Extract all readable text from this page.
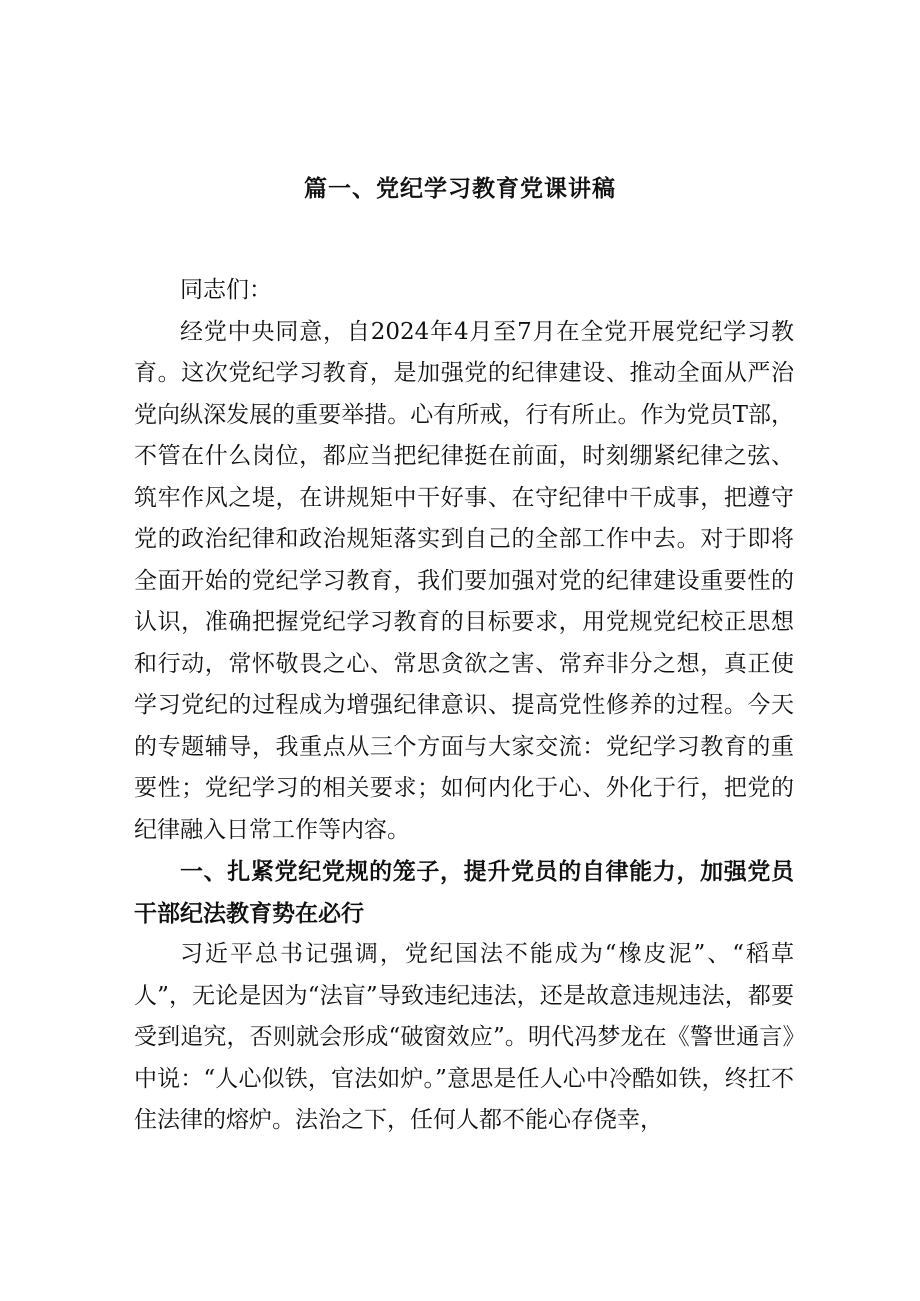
篇一、党纪学习教育党课讲稿

同志们：

经党中央同意，自2024年4月至7月在全党开展党纪学习教育。这次党纪学习教育，是加强党的纪律建设、推动全面从严治党向纵深发展的重要举措。心有所戒，行有所止。作为党员T部，不管在什么岗位，都应当把纪律挺在前面，时刻绷紧纪律之弦、筑牢作风之堤，在讲规矩中干好事、在守纪律中干成事，把遵守党的政治纪律和政治规矩落实到自己的全部工作中去。对于即将全面开始的党纪学习教育，我们要加强对党的纪律建设重要性的认识，准确把握党纪学习教育的目标要求，用党规党纪校正思想和行动，常怀敬畏之心、常思贪欲之害、常弃非分之想，真正使学习党纪的过程成为增强纪律意识、提高党性修养的过程。今天的专题辅导，我重点从三个方面与大家交流：党纪学习教育的重要性；党纪学习的相关要求；如何内化于心、外化于行，把党的纪律融入日常工作等内容。

一、扎紧党纪党规的笼子，提升党员的自律能力，加强党员干部纪法教育势在必行

习近平总书记强调，党纪国法不能成为“橡皮泥”、“稻草人”，无论是因为“法盲”导致违纪违法，还是故意违规违法，都要受到追究，否则就会形成“破窗效应”。明代冯梦龙在《警世通言》中说：“人心似铁，官法如炉。”意思是任人心中冷酷如铁，终扛不住法律的熔炉。法治之下，任何人都不能心存侥幸，
